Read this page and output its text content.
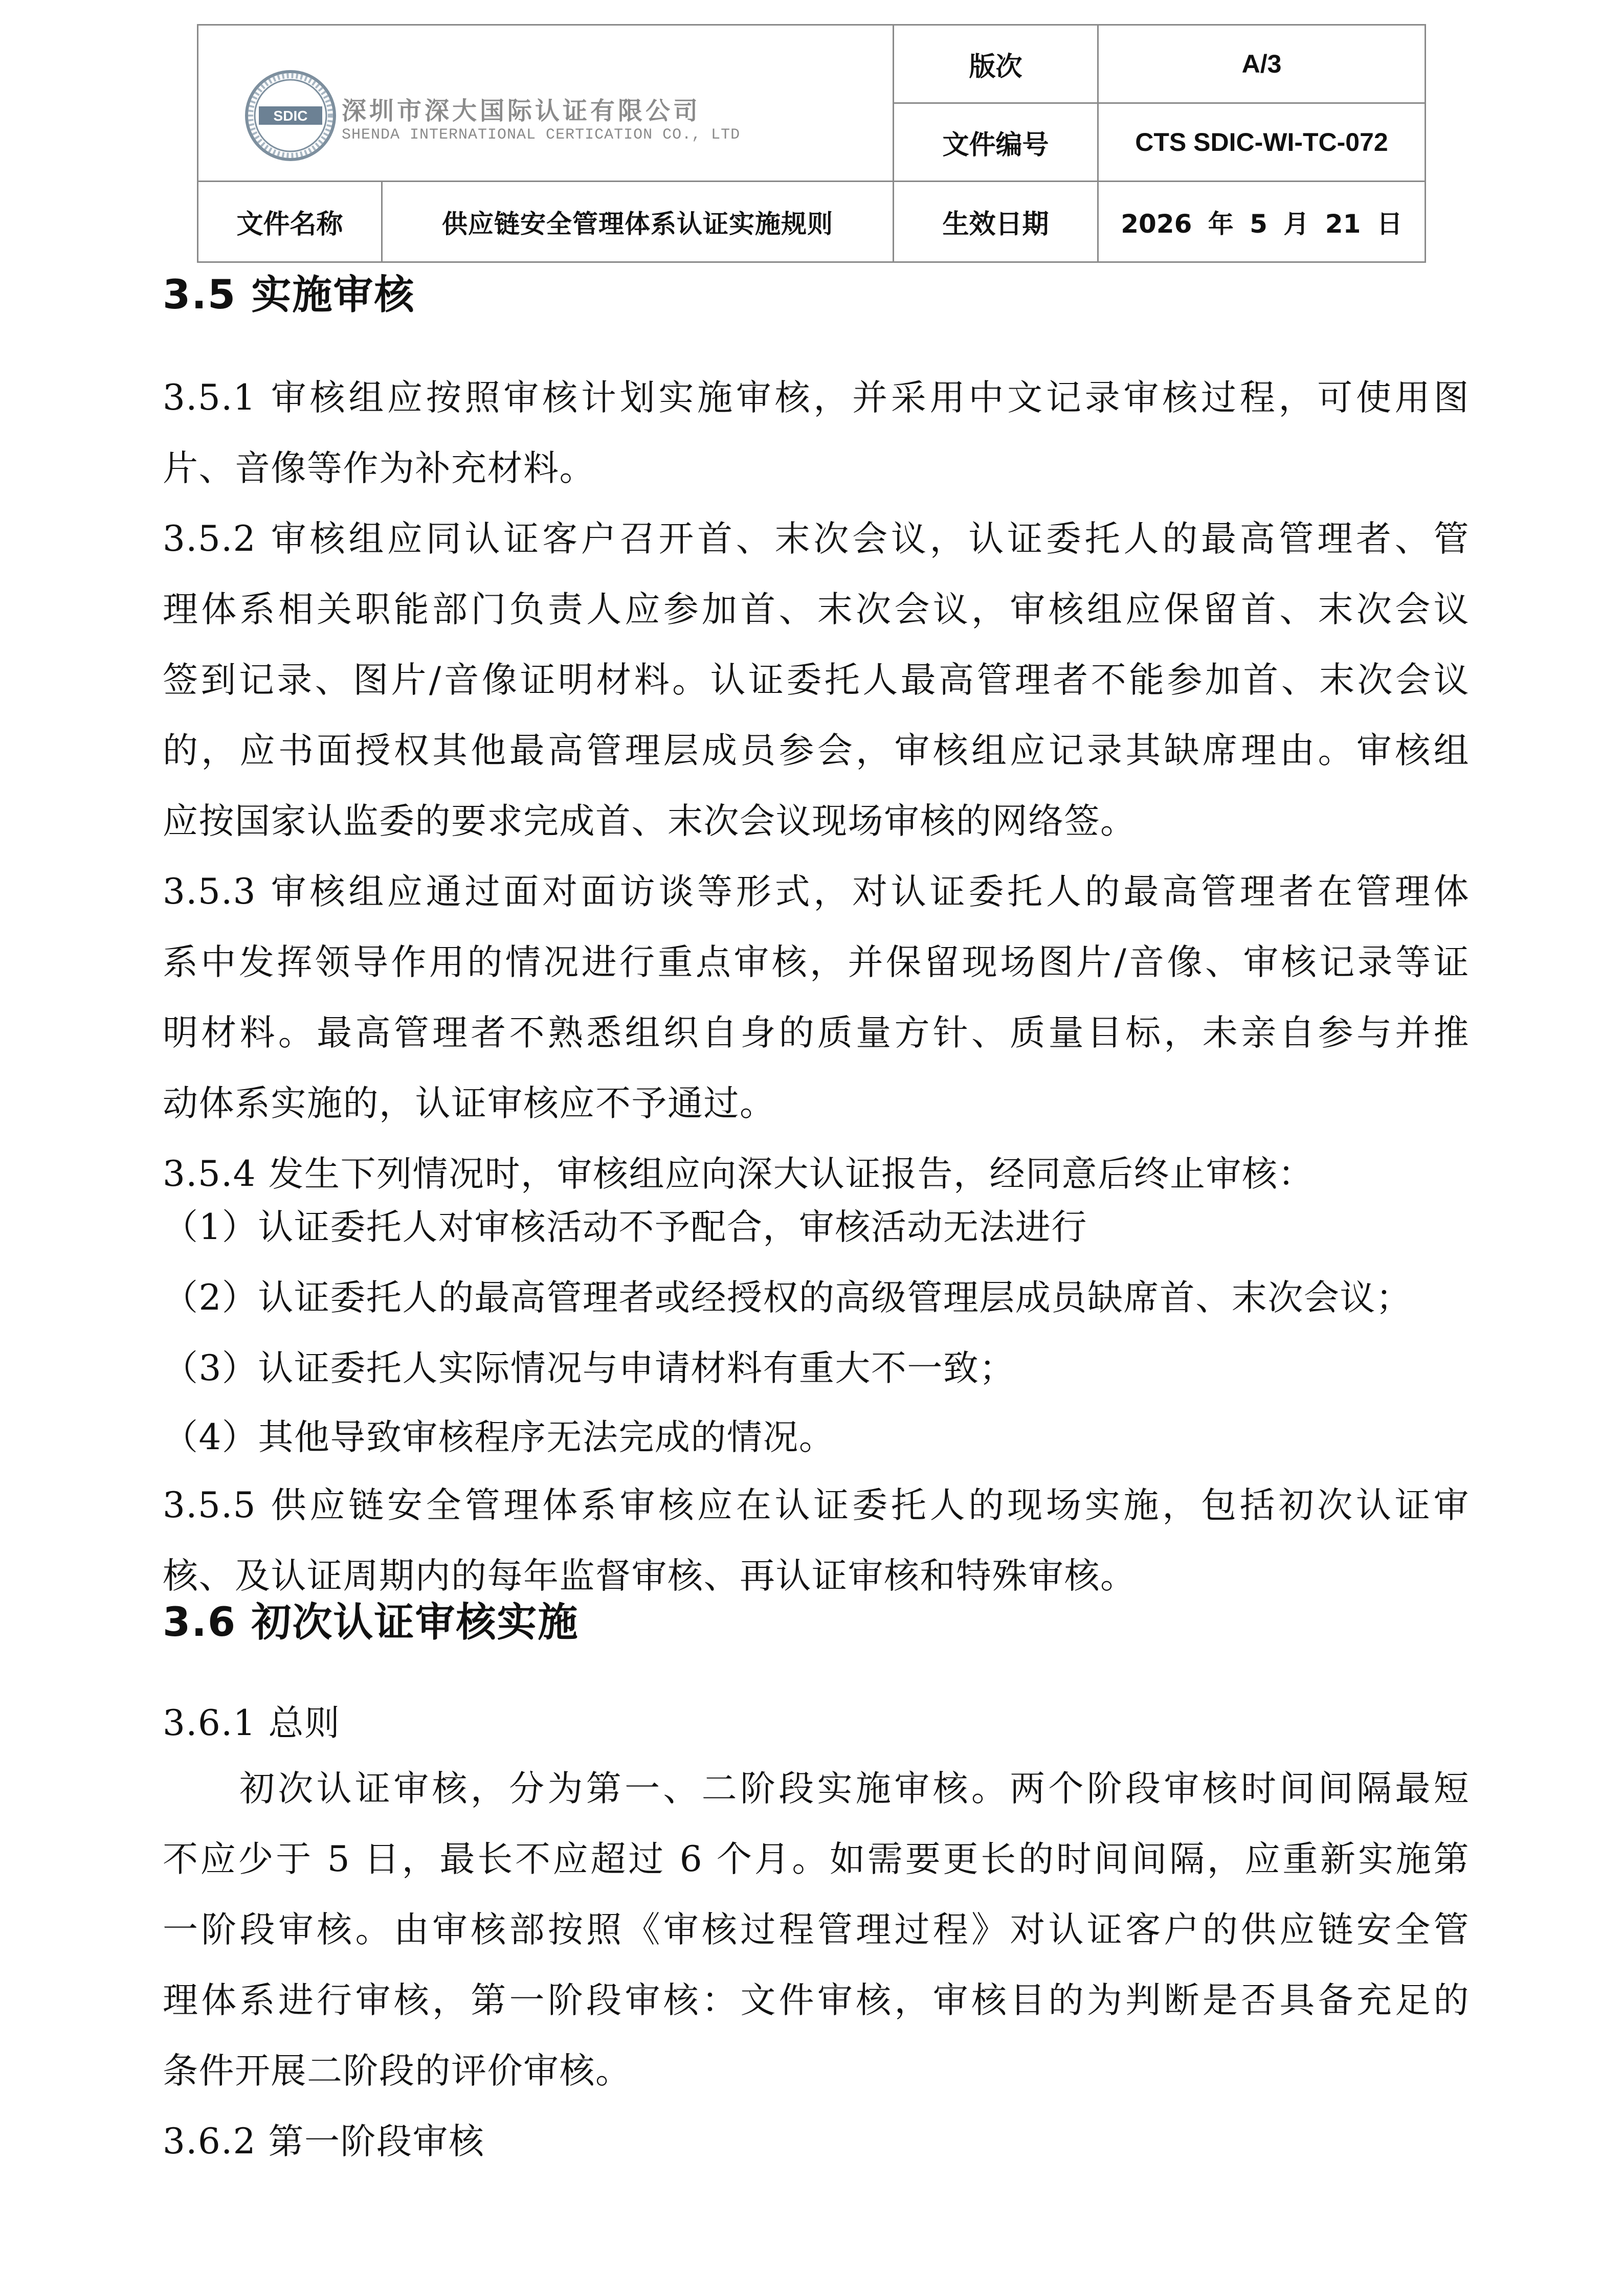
SDIC 深圳市深大国际认证有限公司
SHENDA INTERNATIONAL CERTICATION CO., LTD		版次	A/3
		文件编号	CTS SDIC-WI-TC-072
文件名称	供应链安全管理体系认证实施规则	生效日期	2026 年 5 月 21 日
3.5 实施审核
3.5.1 审核组应按照审核计划实施审核，并采用中文记录审核过程，可使用图
片、音像等作为补充材料。
3.5.2 审核组应同认证客户召开首、末次会议，认证委托人的最高管理者、管
理体系相关职能部门负责人应参加首、末次会议，审核组应保留首、末次会议
签到记录、图片/音像证明材料。认证委托人最高管理者不能参加首、末次会议
的，应书面授权其他最高管理层成员参会，审核组应记录其缺席理由。审核组
应按国家认监委的要求完成首、末次会议现场审核的网络签。
3.5.3 审核组应通过面对面访谈等形式，对认证委托人的最高管理者在管理体
系中发挥领导作用的情况进行重点审核，并保留现场图片/音像、审核记录等证
明材料。最高管理者不熟悉组织自身的质量方针、质量目标，未亲自参与并推
动体系实施的，认证审核应不予通过。
3.5.4 发生下列情况时，审核组应向深大认证报告，经同意后终止审核：
（1）认证委托人对审核活动不予配合，审核活动无法进行
（2）认证委托人的最高管理者或经授权的高级管理层成员缺席首、末次会议；
（3）认证委托人实际情况与申请材料有重大不一致；
（4）其他导致审核程序无法完成的情况。
3.5.5 供应链安全管理体系审核应在认证委托人的现场实施，包括初次认证审
核、及认证周期内的每年监督审核、再认证审核和特殊审核。
3.6 初次认证审核实施
3.6.1 总则
初次认证审核，分为第一、二阶段实施审核。两个阶段审核时间间隔最短
不应少于 5 日，最长不应超过 6 个月。如需要更长的时间间隔，应重新实施第
一阶段审核。由审核部按照《审核过程管理过程》对认证客户的供应链安全管
理体系进行审核，第一阶段审核：文件审核，审核目的为判断是否具备充足的
条件开展二阶段的评价审核。
3.6.2 第一阶段审核
